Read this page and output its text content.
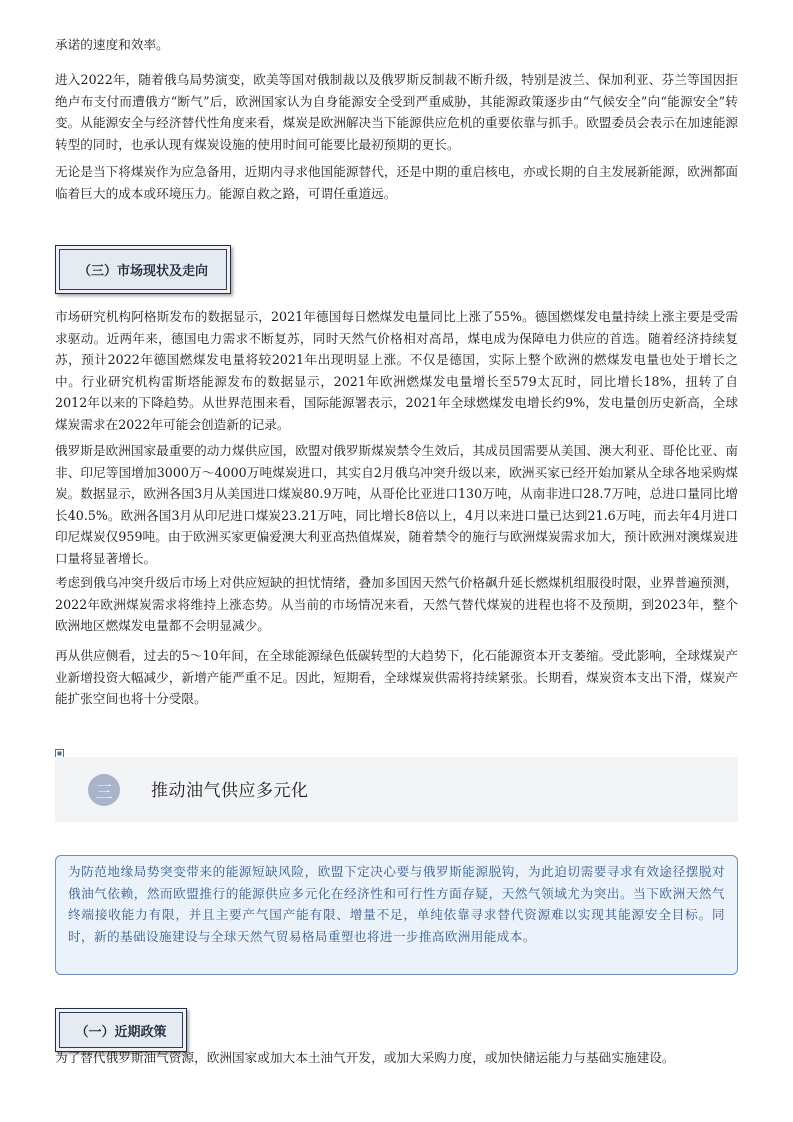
承诺的速度和效率。

进入2022年，随着俄乌局势演变，欧美等国对俄制裁以及俄罗斯反制裁不断升级，特别是波兰、保加利亚、芬兰等国因拒绝卢布支付而遭俄方“断气”后，欧洲国家认为自身能源安全受到严重威胁，其能源政策逐步由“气候安全”向“能源安全”转变。从能源安全与经济替代性角度来看，煤炭是欧洲解决当下能源供应危机的重要依靠与抓手。欧盟委员会表示在加速能源转型的同时，也承认现有煤炭设施的使用时间可能要比最初预期的更长。

无论是当下将煤炭作为应急备用，近期内寻求他国能源替代，还是中期的重启核电，亦或长期的自主发展新能源，欧洲都面临着巨大的成本或环境压力。能源自救之路，可谓任重道远。

（三）市场现状及走向

市场研究机构阿格斯发布的数据显示，2021年德国每日燃煤发电量同比上涨了55%。德国燃煤发电量持续上涨主要是受需求驱动。近两年来，德国电力需求不断复苏，同时天然气价格相对高昂，煤电成为保障电力供应的首选。随着经济持续复苏，预计2022年德国燃煤发电量将较2021年出现明显上涨。不仅是德国，实际上整个欧洲的燃煤发电量也处于增长之中。行业研究机构雷斯塔能源发布的数据显示，2021年欧洲燃煤发电量增长至579太瓦时，同比增长18%，扭转了自2012年以来的下降趋势。从世界范围来看，国际能源署表示，2021年全球燃煤发电增长约9%，发电量创历史新高，全球煤炭需求在2022年可能会创造新的记录。

俄罗斯是欧洲国家最重要的动力煤供应国，欧盟对俄罗斯煤炭禁令生效后，其成员国需要从美国、澳大利亚、哥伦比亚、南非、印尼等国增加3000万～4000万吨煤炭进口，其实自2月俄乌冲突升级以来，欧洲买家已经开始加紧从全球各地采购煤炭。数据显示，欧洲各国3月从美国进口煤炭80.9万吨，从哥伦比亚进口130万吨，从南非进口28.7万吨，总进口量同比增长40.5%。欧洲各国3月从印尼进口煤炭23.21万吨，同比增长8倍以上，4月以来进口量已达到21.6万吨，而去年4月进口印尼煤炭仅959吨。由于欧洲买家更偏爱澳大利亚高热值煤炭，随着禁令的施行与欧洲煤炭需求加大，预计欧洲对澳煤炭进口量将显著增长。

考虑到俄乌冲突升级后市场上对供应短缺的担忧情绪，叠加多国因天然气价格飙升延长燃煤机组服役时限，业界普遍预测，2022年欧洲煤炭需求将维持上涨态势。从当前的市场情况来看，天然气替代煤炭的进程也将不及预期，到2023年，整个欧洲地区燃煤发电量都不会明显减少。

再从供应侧看，过去的5～10年间，在全球能源绿色低碳转型的大趋势下，化石能源资本开支萎缩。受此影响，全球煤炭产业新增投资大幅减少，新增产能严重不足。因此，短期看，全球煤炭供需将持续紧张。长期看，煤炭资本支出下滑，煤炭产能扩张空间也将十分受限。

三	推动油气供应多元化

为防范地缘局势突变带来的能源短缺风险，欧盟下定决心要与俄罗斯能源脱钩，为此迫切需要寻求有效途径摆脱对俄油气依赖，然而欧盟推行的能源供应多元化在经济性和可行性方面存疑，天然气领域尤为突出。当下欧洲天然气终端接收能力有限，并且主要产气国产能有限、增量不足，单纯依靠寻求替代资源难以实现其能源安全目标。同时，新的基础设施建设与全球天然气贸易格局重塑也将进一步推高欧洲用能成本。

（一）近期政策

为了替代俄罗斯油气资源，欧洲国家或加大本土油气开发，或加大采购力度，或加快储运能力与基础实施建设。
